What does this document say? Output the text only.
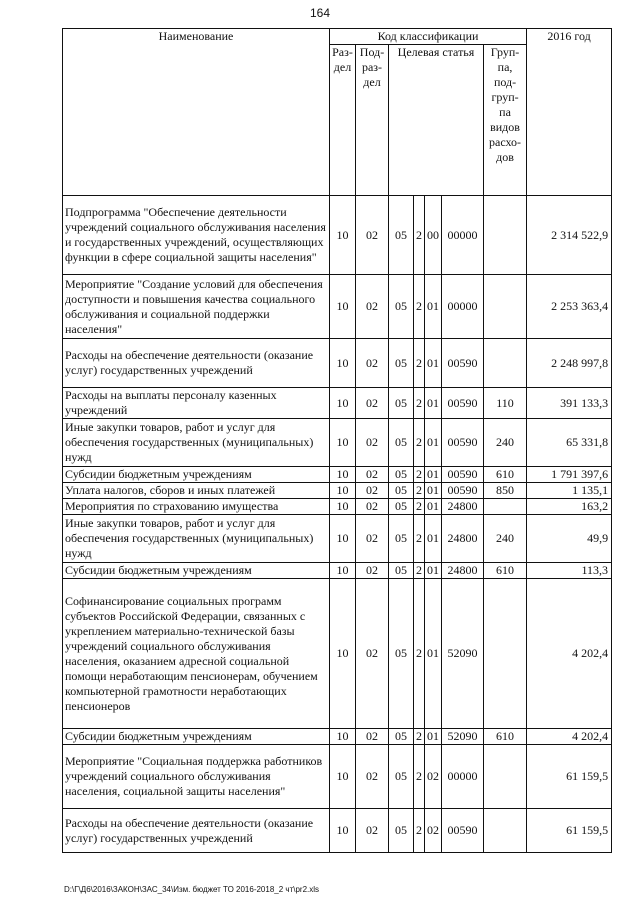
164
Наименование	Код классификации							2016 год
	Раз-дел	Под-раз-дел	Целевая статья				Груп-па, под-груп-па видов расхо-дов	
Подпрограмма "Обеспечение деятельности учреждений социального обслуживания населения и государственных учреждений, осуществляющих функции в сфере социальной защиты населения"	10	02	05	2	00	00000		2 314 522,9
Мероприятие "Создание условий для обеспечения доступности и повышения качества социального обслуживания и социальной поддержки населения"	10	02	05	2	01	00000		2 253 363,4
Расходы на обеспечение деятельности (оказание услуг) государственных учреждений	10	02	05	2	01	00590		2 248 997,8
Расходы на выплаты персоналу казенных учреждений	10	02	05	2	01	00590	110	391 133,3
Иные закупки товаров, работ и услуг для обеспечения государственных (муниципальных) нужд	10	02	05	2	01	00590	240	65 331,8
Субсидии бюджетным учреждениям	10	02	05	2	01	00590	610	1 791 397,6
Уплата налогов, сборов и иных платежей	10	02	05	2	01	00590	850	1 135,1
Мероприятия по страхованию имущества	10	02	05	2	01	24800		163,2
Иные закупки товаров, работ и услуг для обеспечения государственных (муниципальных) нужд	10	02	05	2	01	24800	240	49,9
Субсидии бюджетным учреждениям	10	02	05	2	01	24800	610	113,3
Софинансирование социальных программ субъектов Российской Федерации, связанных с укреплением материально-технической базы учреждений социального обслуживания населения, оказанием адресной социальной помощи неработающим пенсионерам, обучением компьютерной грамотности неработающих пенсионеров	10	02	05	2	01	52090		4 202,4
Субсидии бюджетным учреждениям	10	02	05	2	01	52090	610	4 202,4
Мероприятие "Социальная поддержка работников учреждений социального обслуживания населения, социальной защиты населения"	10	02	05	2	02	00000		61 159,5
Расходы на обеспечение деятельности (оказание услуг) государственных учреждений	10	02	05	2	02	00590		61 159,5
D:\Г\Д6\2016\ЗАКОН\ЗАС_34\Изм. бюджет ТО 2016-2018_2 чт\pr2.xls
